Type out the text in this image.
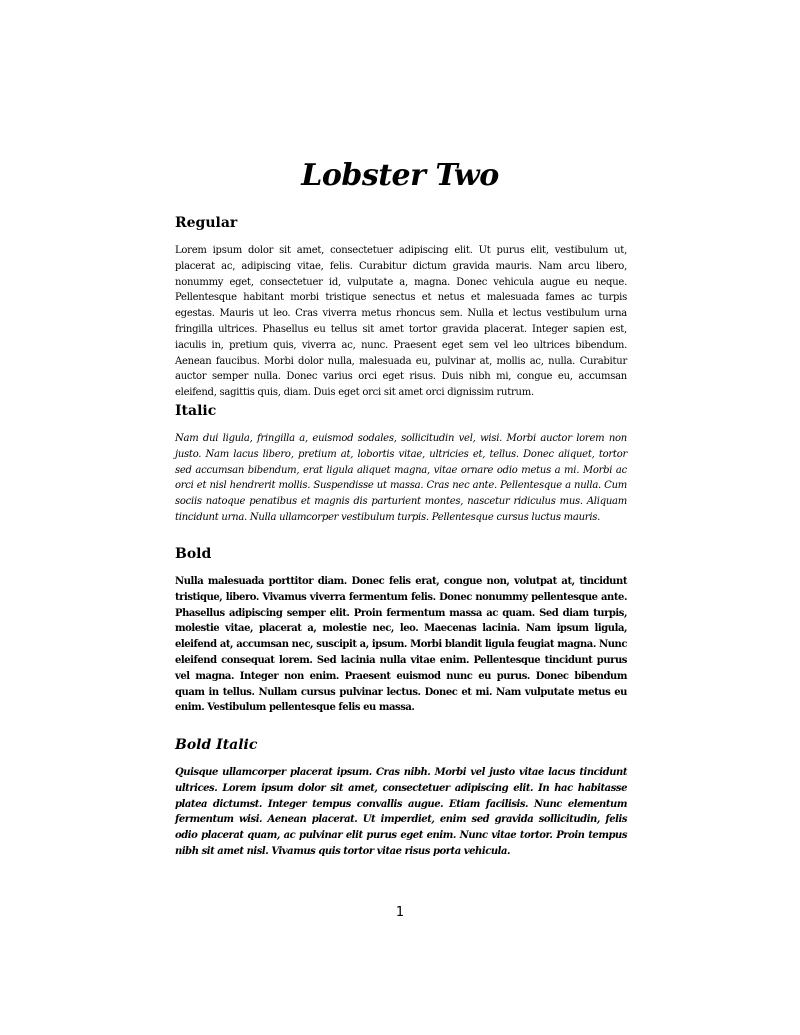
Lobster Two
Regular

Lorem ipsum dolor sit amet, consectetuer adipiscing elit. Ut purus elit, vestibulum ut, placerat ac, adipiscing vitae, felis. Curabitur dictum gravida mauris. Nam arcu libero, nonummy eget, consectetuer id, vulputate a, magna. Donec vehicula augue eu neque. Pellentesque habitant morbi tristique senectus et netus et malesuada fames ac turpis egestas. Mauris ut leo. Cras viverra metus rhoncus sem. Nulla et lectus vestibulum urna fringilla ultrices. Phasellus eu tellus sit amet tortor gravida placerat. Integer sapien est, iaculis in, pretium quis, viverra ac, nunc. Praesent eget sem vel leo ultrices bibendum. Aenean faucibus. Morbi dolor nulla, malesuada eu, pulvinar at, mollis ac, nulla. Curabitur auctor semper nulla. Donec varius orci eget risus. Duis nibh mi, congue eu, accumsan eleifend, sagittis quis, diam. Duis eget orci sit amet orci dignissim rutrum.

Italic

Nam dui ligula, fringilla a, euismod sodales, sollicitudin vel, wisi. Morbi auctor lorem non justo. Nam lacus libero, pretium at, lobortis vitae, ultricies et, tellus. Donec aliquet, tortor sed accumsan bibendum, erat ligula aliquet magna, vitae ornare odio metus a mi. Morbi ac orci et nisl hendrerit mollis. Suspendisse ut massa. Cras nec ante. Pellentesque a nulla. Cum sociis natoque penatibus et magnis dis parturient montes, nascetur ridiculus mus. Aliquam tincidunt urna. Nulla ullamcorper vestibulum turpis. Pellentesque cursus luctus mauris.

Bold

Nulla malesuada porttitor diam. Donec felis erat, congue non, volutpat at, tincidunt tristique, libero. Vivamus viverra fermentum felis. Donec nonummy pellentesque ante. Phasellus adipiscing semper elit. Proin fermentum massa ac quam. Sed diam turpis, molestie vitae, placerat a, molestie nec, leo. Maecenas lacinia. Nam ipsum ligula, eleifend at, accumsan nec, suscipit a, ipsum. Morbi blandit ligula feugiat magna. Nunc eleifend consequat lorem. Sed lacinia nulla vitae enim. Pellentesque tincidunt purus vel magna. Integer non enim. Praesent euismod nunc eu purus. Donec bibendum quam in tellus. Nullam cursus pulvinar lectus. Donec et mi. Nam vulputate metus eu enim. Vestibulum pellentesque felis eu massa.

Bold Italic

Quisque ullamcorper placerat ipsum. Cras nibh. Morbi vel justo vitae lacus tincidunt ultrices. Lorem ipsum dolor sit amet, consectetuer adipiscing elit. In hac habitasse platea dictumst. Integer tempus convallis augue. Etiam facilisis. Nunc elementum fermentum wisi. Aenean placerat. Ut imperdiet, enim sed gravida sollicitudin, felis odio placerat quam, ac pulvinar elit purus eget enim. Nunc vitae tortor. Proin tempus nibh sit amet nisl. Vivamus quis tortor vitae risus porta vehicula.

1
